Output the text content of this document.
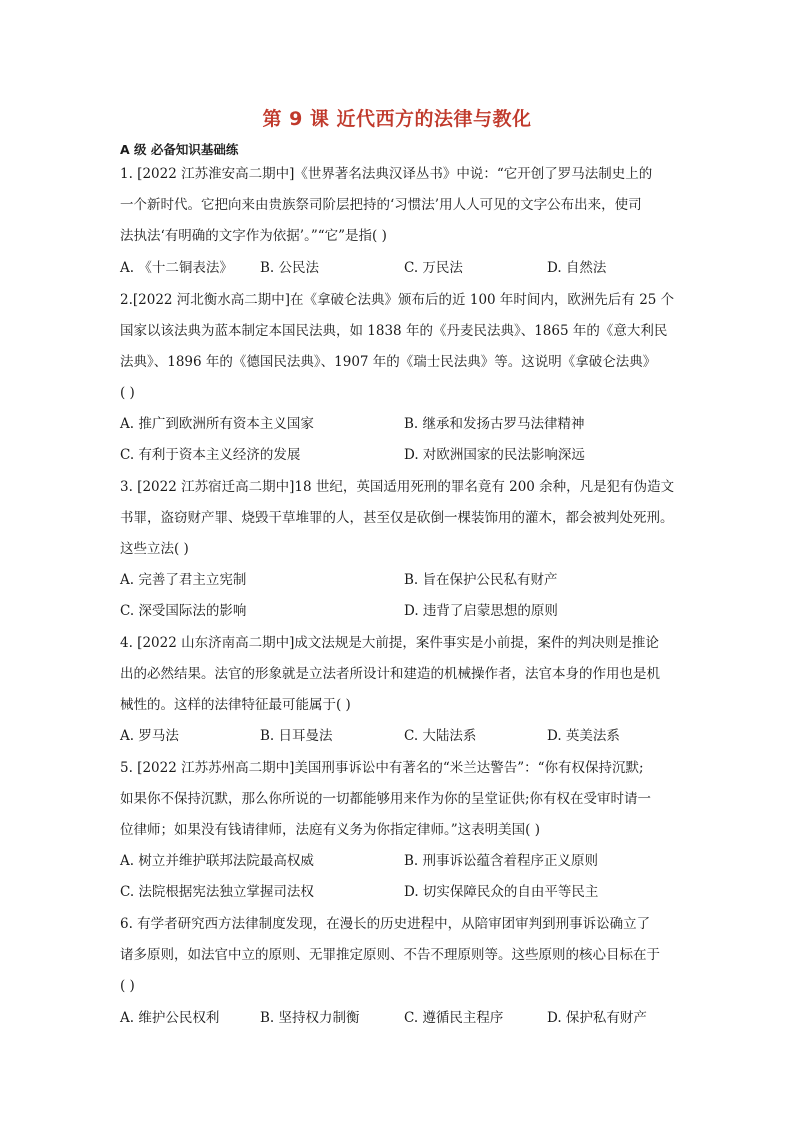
第 9 课 近代西方的法律与教化
A 级 必备知识基础练
1. [2022 江苏淮安高二期中]《世界著名法典汉译丛书》中说：“它开创了罗马法制史上的
一个新时代。它把向来由贵族祭司阶层把持的‘习惯法’用人人可见的文字公布出来，使司
法执法‘有明确的文字作为依据’。”“它”是指( )
A. 《十二铜表法》 B. 公民法	C. 万民法	D. 自然法
2.[2022 河北衡水高二期中]在《拿破仑法典》颁布后的近 100 年时间内，欧洲先后有 25 个
国家以该法典为蓝本制定本国民法典，如 1838 年的《丹麦民法典》、1865 年的《意大利民
法典》、1896 年的《德国民法典》、1907 年的《瑞士民法典》等。这说明《拿破仑法典》
( )
A. 推广到欧洲所有资本主义国家	B. 继承和发扬古罗马法律精神
C. 有利于资本主义经济的发展	D. 对欧洲国家的民法影响深远
3. [2022 江苏宿迁高二期中]18 世纪，英国适用死刑的罪名竟有 200 余种，凡是犯有伪造文
书罪，盗窃财产罪、烧毁干草堆罪的人，甚至仅是砍倒一棵装饰用的灌木，都会被判处死刑。
这些立法( )
A. 完善了君主立宪制	B. 旨在保护公民私有财产
C. 深受国际法的影响	D. 违背了启蒙思想的原则
4. [2022 山东济南高二期中]成文法规是大前提，案件事实是小前提，案件的判决则是推论
出的必然结果。法官的形象就是立法者所设计和建造的机械操作者，法官本身的作用也是机
械性的。这样的法律特征最可能属于( )
A. 罗马法	B. 日耳曼法	C. 大陆法系	D. 英美法系
5. [2022 江苏苏州高二期中]美国刑事诉讼中有著名的“米兰达警告”：“你有权保持沉默;
如果你不保持沉默，那么你所说的一切都能够用来作为你的呈堂证供;你有权在受审时请一
位律师；如果没有钱请律师，法庭有义务为你指定律师。”这表明美国( )
A. 树立并维护联邦法院最高权威	B. 刑事诉讼蕴含着程序正义原则
C. 法院根据宪法独立掌握司法权	D. 切实保障民众的自由平等民主
6. 有学者研究西方法律制度发现，在漫长的历史进程中，从陪审团审判到刑事诉讼确立了
诸多原则，如法官中立的原则、无罪推定原则、不告不理原则等。这些原则的核心目标在于
( )
A. 维护公民权利	B. 坚持权力制衡	C. 遵循民主程序	D. 保护私有财产
